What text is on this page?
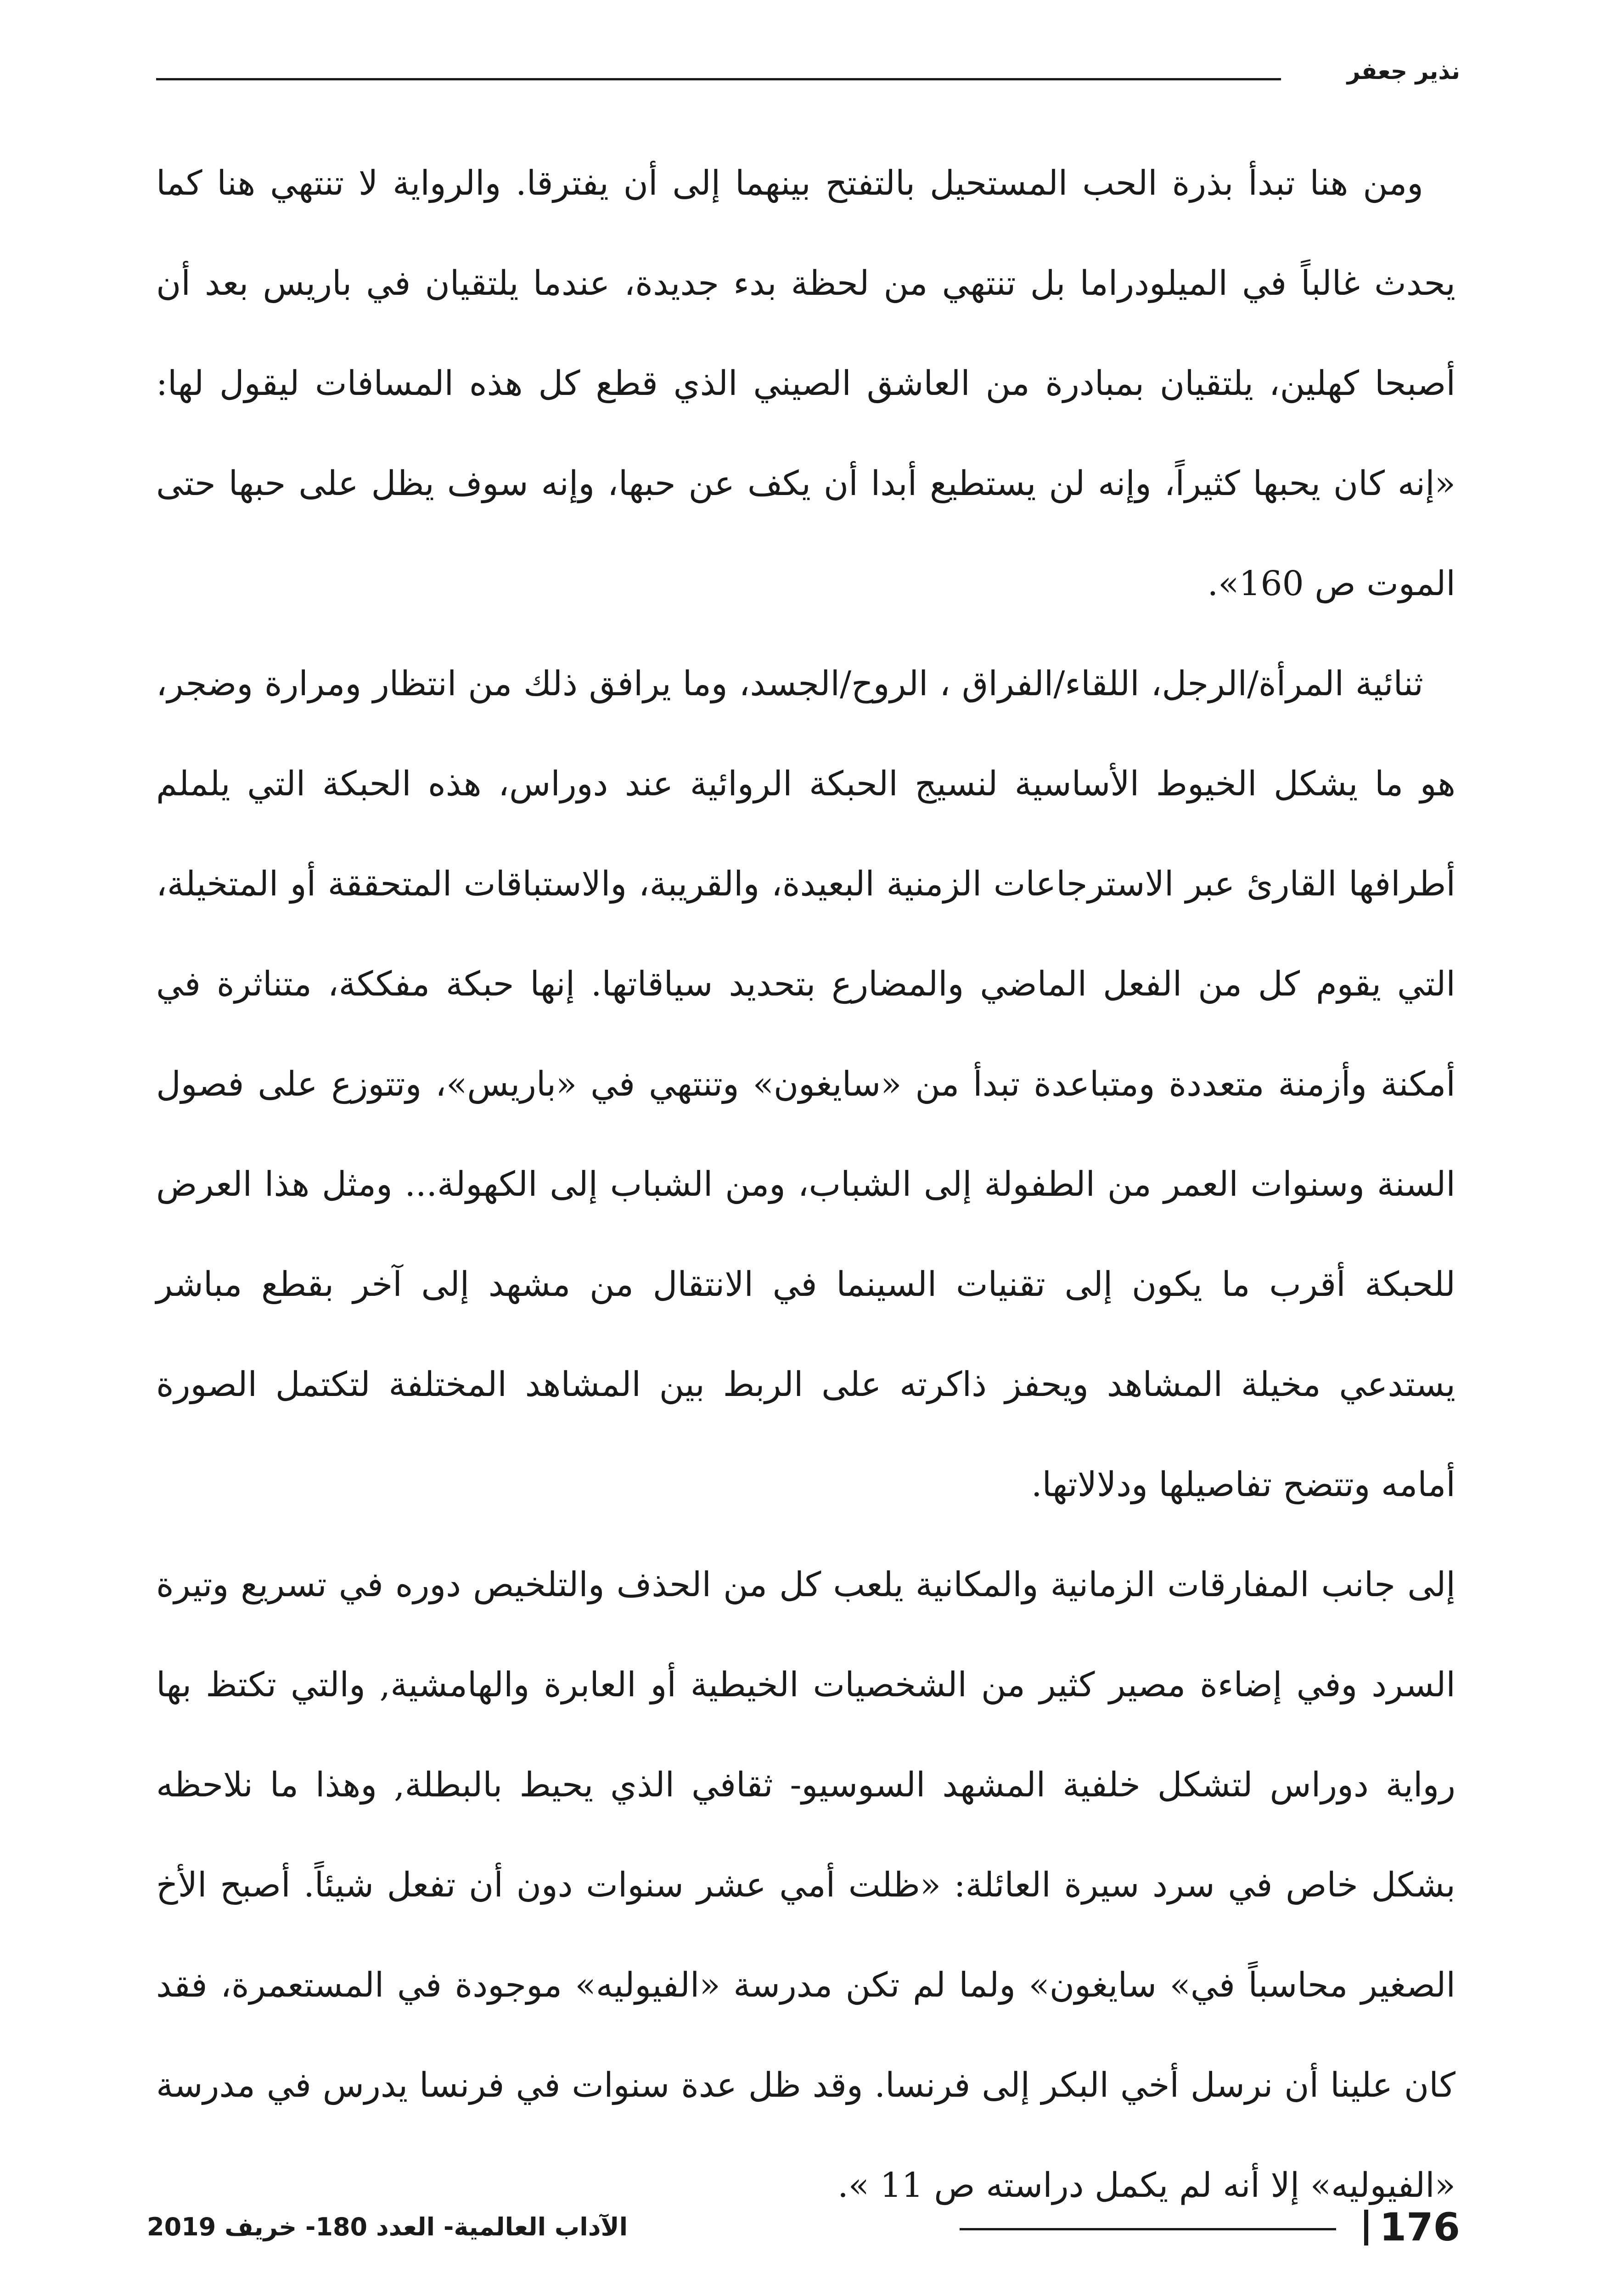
نذير جعفر

ومن هنا تبدأ بذرة الحب المستحيل بالتفتح بينهما إلى أن يفترقا. والرواية لا تنتهي هنا كما يحدث غالباً في الميلودراما بل تنتهي من لحظة بدء جديدة، عندما يلتقيان في باريس بعد أن أصبحا كهلين، يلتقيان بمبادرة من العاشق الصيني الذي قطع كل هذه المسافات ليقول لها: «إنه كان يحبها كثيراً، وإنه لن يستطيع أبدا أن يكف عن حبها، وإنه سوف يظل على حبها حتى الموت ص 160».

ثنائية المرأة/الرجل، اللقاء/الفراق ، الروح/الجسد، وما يرافق ذلك من انتظار ومرارة وضجر، هو ما يشكل الخيوط الأساسية لنسيج الحبكة الروائية عند دوراس، هذه الحبكة التي يلملم أطرافها القارئ عبر الاسترجاعات الزمنية البعيدة، والقريبة، والاستباقات المتحققة أو المتخيلة، التي يقوم كل من الفعل الماضي والمضارع بتحديد سياقاتها. إنها حبكة مفككة، متناثرة في أمكنة وأزمنة متعددة ومتباعدة تبدأ من «سايغون» وتنتهي في «باريس»، وتتوزع على فصول السنة وسنوات العمر من الطفولة إلى الشباب، ومن الشباب إلى الكهولة... ومثل هذا العرض للحبكة أقرب ما يكون إلى تقنيات السينما في الانتقال من مشهد إلى آخر بقطع مباشر يستدعي مخيلة المشاهد ويحفز ذاكرته على الربط بين المشاهد المختلفة لتكتمل الصورة أمامه وتتضح تفاصيلها ودلالاتها.

إلى جانب المفارقات الزمانية والمكانية يلعب كل من الحذف والتلخيص دوره في تسريع وتيرة السرد وفي إضاءة مصير كثير من الشخصيات الخيطية أو العابرة والهامشية, والتي تكتظ بها رواية دوراس لتشكل خلفية المشهد السوسيو- ثقافي الذي يحيط بالبطلة, وهذا ما نلاحظه بشكل خاص في سرد سيرة العائلة: «ظلت أمي عشر سنوات دون أن تفعل شيئاً. أصبح الأخ الصغير محاسباً في» سايغون» ولما لم تكن مدرسة «الفيوليه» موجودة في المستعمرة، فقد كان علينا أن نرسل أخي البكر إلى فرنسا. وقد ظل عدة سنوات في فرنسا يدرس في مدرسة «الفيوليه» إلا أنه لم يكمل دراسته ص 11 ».

176
الآداب العالمية- العدد 180- خريف 2019
